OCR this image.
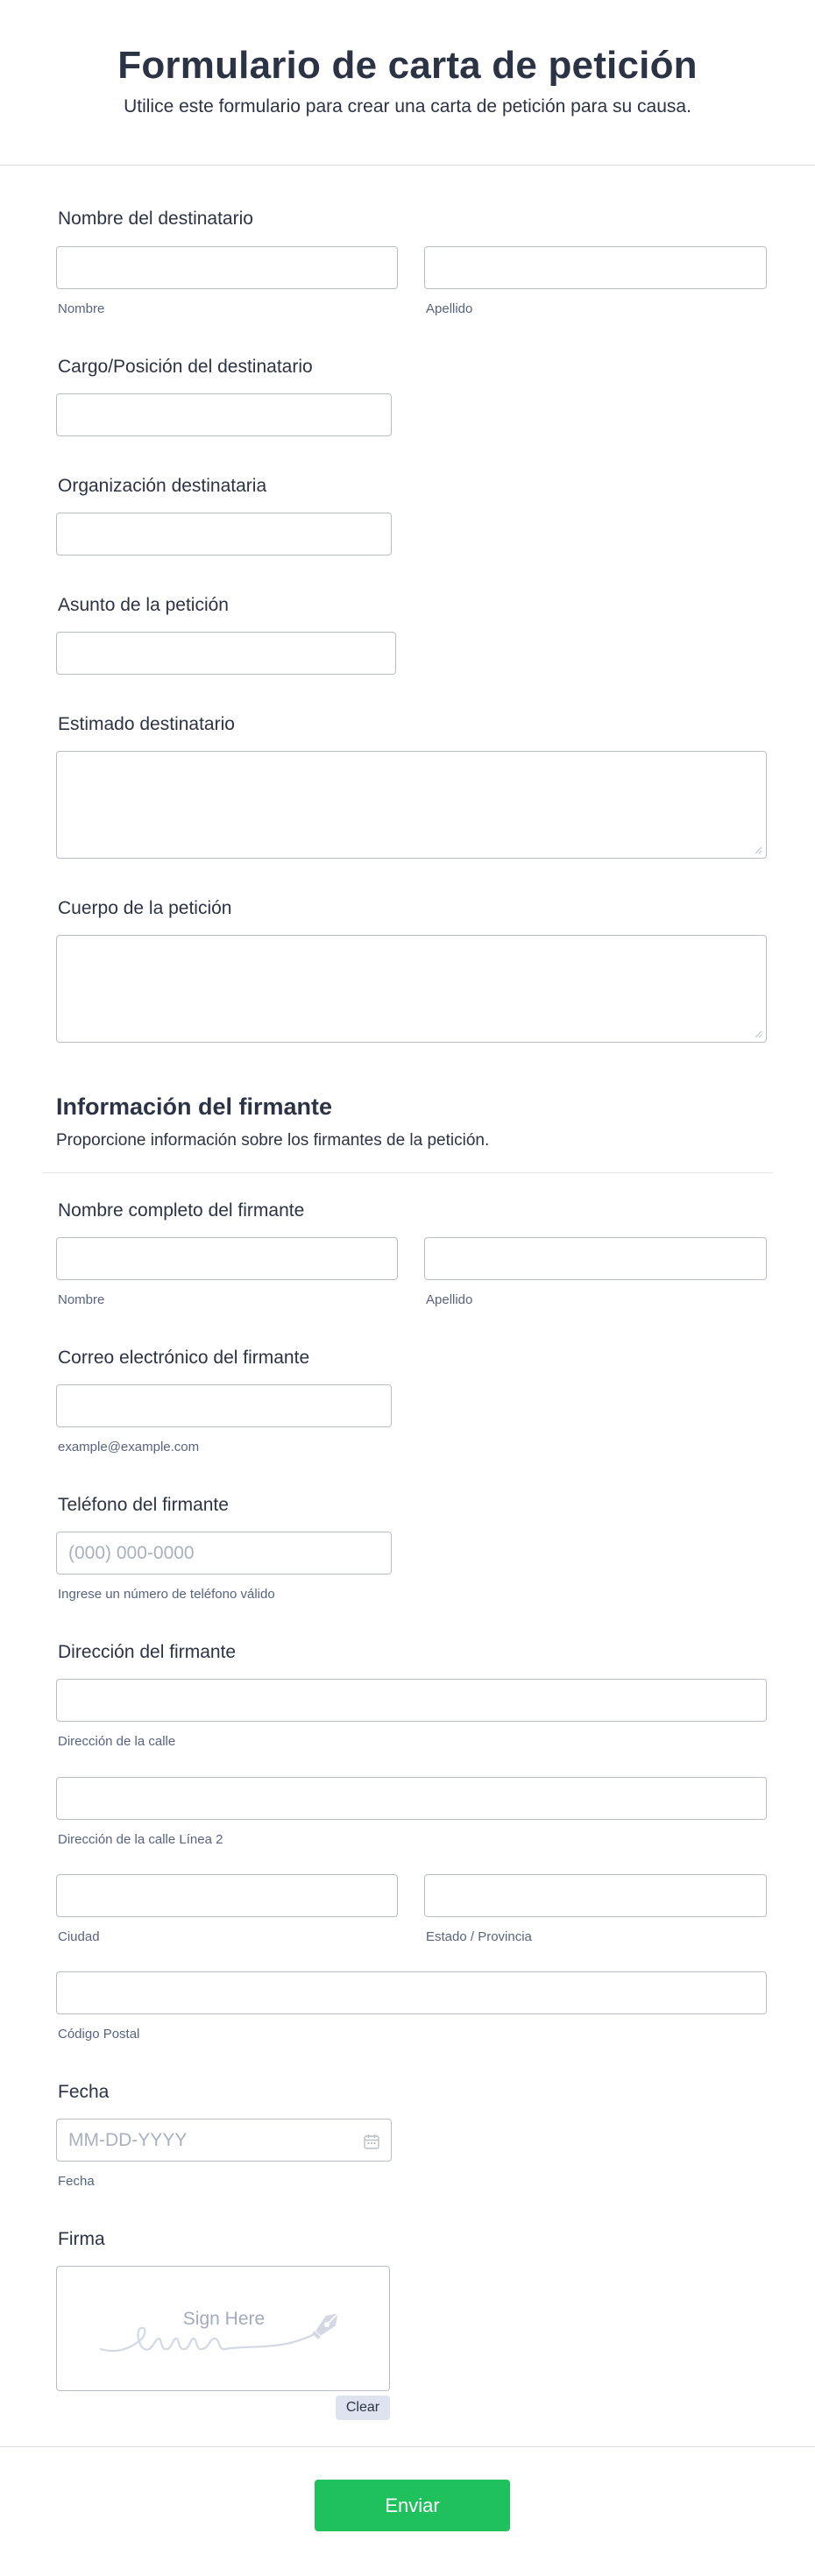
Formulario de carta de petición
Utilice este formulario para crear una carta de petición para su causa.
Nombre del destinatario
Nombre	Apellido
Cargo/Posición del destinatario
Organización destinataria
Asunto de la petición
Estimado destinatario
Cuerpo de la petición
Información del firmante
Proporcione información sobre los firmantes de la petición.
Nombre completo del firmante
Nombre	Apellido
Correo electrónico del firmante
example@example.com
Teléfono del firmante
(000) 000-0000
Ingrese un número de teléfono válido
Dirección del firmante
Dirección de la calle
Dirección de la calle Línea 2
Ciudad	Estado / Provincia
Código Postal
Fecha
MM-DD-YYYY
Fecha
Firma
Sign Here
Clear
Enviar
